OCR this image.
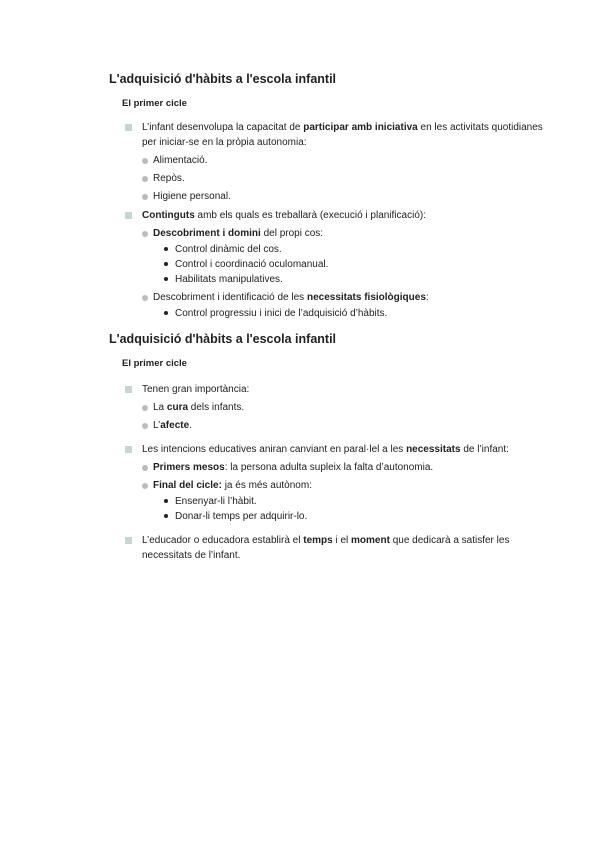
L'adquisició d'hàbits a l'escola infantil
El primer cicle
L’infant desenvolupa la capacitat de participar amb iniciativa en les activitats quotidianes per iniciar-se en la pròpia autonomia:
Alimentació.
Repòs.
Higiene personal.
Continguts amb els quals es treballarà (execució i planificació):
Descobriment i domini del propi cos:
Control dinàmic del cos.
Control i coordinació oculomanual.
Habilitats manipulatives.
Descobriment i identificació de les necessitats fisiològiques:
Control progressiu i inici de l’adquisició d’hàbits.
L'adquisició d'hàbits a l'escola infantil
El primer cicle
Tenen gran importància:
La cura dels infants.
L’afecte.
Les intencions educatives aniran canviant en paral·lel a les necessitats de l’infant:
Primers mesos: la persona adulta supleix la falta d’autonomia.
Final del cicle: ja és més autònom:
Ensenyar-li l’hàbit.
Donar-li temps per adquirir-lo.
L’educador o educadora establirà el temps i el moment que dedicarà a satisfer les necessitats de l’infant.
